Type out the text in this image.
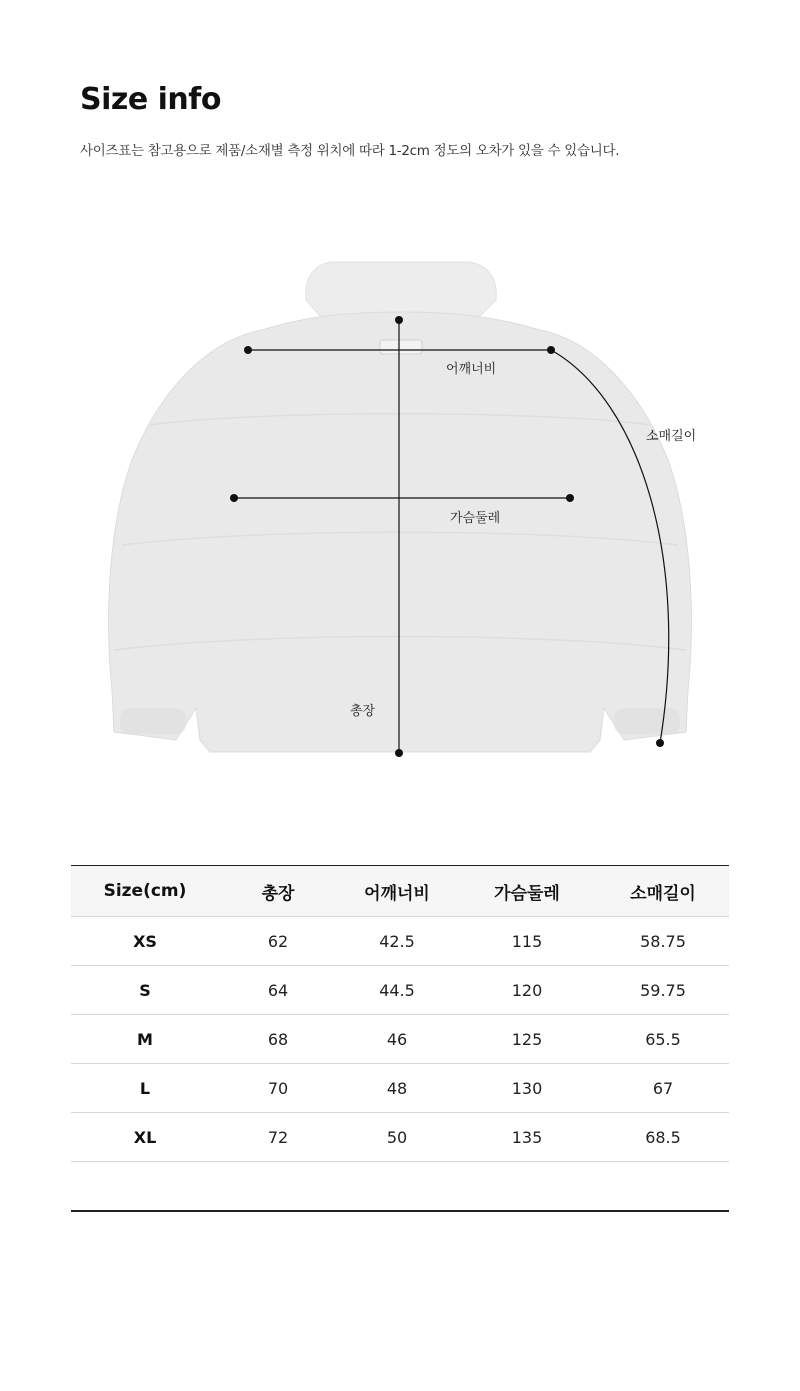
Size info

사이즈표는 참고용으로 제품/소재별 측정 위치에 따라 1-2cm 정도의 오차가 있을 수 있습니다.

어깨너비
소매길이
가슴둘레
총장
Size(cm)	총장	어깨너비	가슴둘레	소매길이
XS	62	42.5	115	58.75
S	64	44.5	120	59.75
M	68	46	125	65.5
L	70	48	130	67
XL	72	50	135	68.5
